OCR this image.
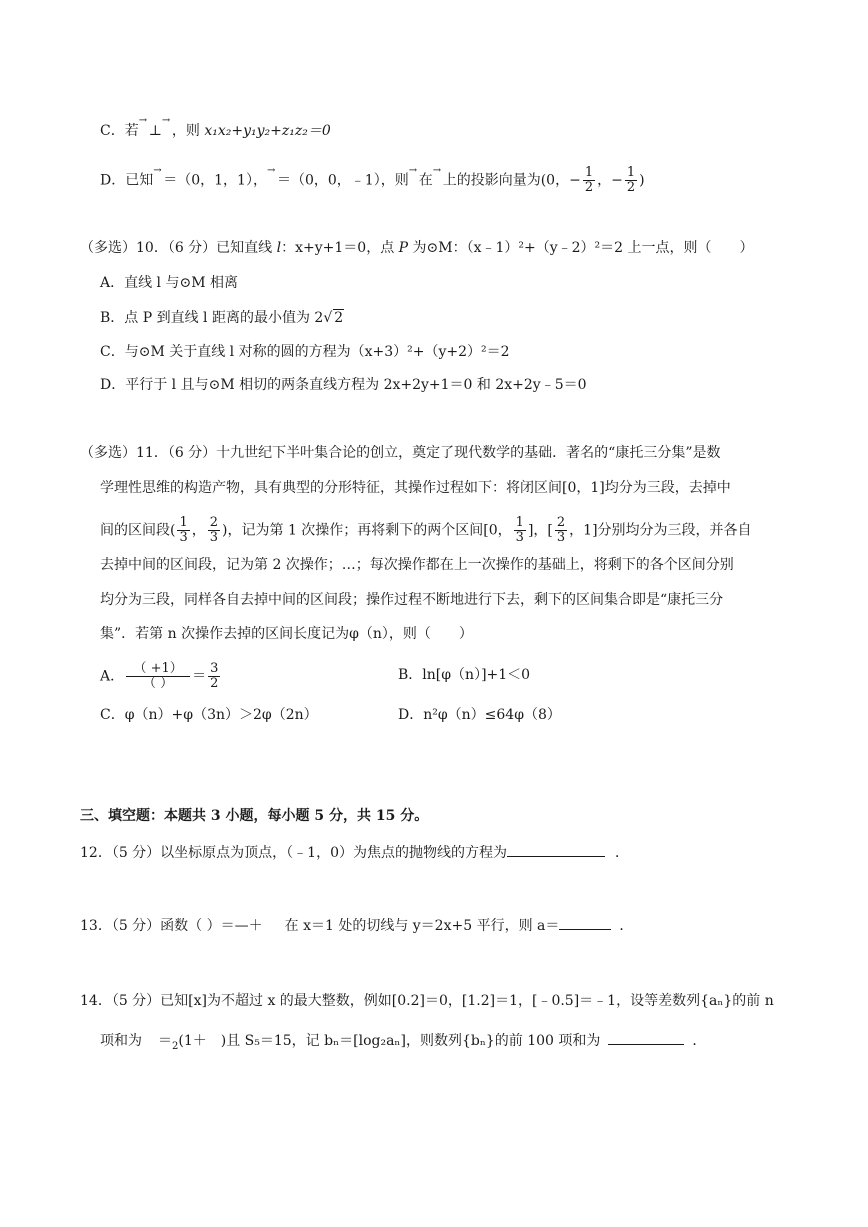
C．若 → ⊥ → ，则 x₁x₂+y₁y₂+z₁z₂＝0
D．已知 → ＝（0，1，1）， → ＝（0，0，﹣1），则 → 在 → 上的投影向量为(0，− $\frac{1}{2}$ ，− $\frac{1}{2}$ )
（多选）10．（6 分）已知直线 l：x+y+1＝0，点 P 为⊙M：（x﹣1）²+（y﹣2）²＝2 上一点，则（　　）
A．直线 l 与⊙M 相离
B．点 P 到直线 l 距离的最小值为 2√ 2
C．与⊙M 关于直线 l 对称的圆的方程为（x+3）²+（y+2）²＝2
D．平行于 l 且与⊙M 相切的两条直线方程为 2x+2y+1＝0 和 2x+2y﹣5＝0
（多选）11．（6 分）十九世纪下半叶集合论的创立，奠定了现代数学的基础．著名的“康托三分集”是数
学理性思维的构造产物，具有典型的分形特征，其操作过程如下：将闭区间[0，1]均分为三段，去掉中
间的区间段( $\frac{1}{3}$ ， $\frac{2}{3}$ )，记为第 1 次操作；再将剩下的两个区间[0， $\frac{1}{3}$ ]，[ $\frac{2}{3}$ ，1]分别均分为三段，并各自
去掉中间的区间段，记为第 2 次操作；…；每次操作都在上一次操作的基础上，将剩下的各个区间分别
均分为三段，同样各自去掉中间的区间段；操作过程不断地进行下去，剩下的区间集合即是“康托三分
集”．若第 n 次操作去掉的区间长度记为φ（n），则（　　）
A． $\frac{( +1)}{( )} = \frac{3}{2}$	B．ln[φ（n）]+1＜0
C．φ（n）+φ（3n）＞2φ（2n）	D．n²φ（n）≤64φ（8）
三、填空题：本题共 3 小题，每小题 5 分，共 15 分。
12．（5 分）以坐标原点为顶点，（﹣1，0）为焦点的抛物线的方程为	．
13．（5 分）函数（ ）＝—＋ 在 x＝1 处的切线与 y＝2x+5 平行，则 a＝	．
14．（5 分）已知[x]为不超过 x 的最大整数，例如[0.2]＝0，[1.2]＝1，[﹣0.5]＝﹣1，设等差数列{aₙ}的前 n
项和为 $=_2(1+$　)且 S₅＝15，记 bₙ＝[log₂aₙ]，则数列{bₙ}的前 100 项和为	．
